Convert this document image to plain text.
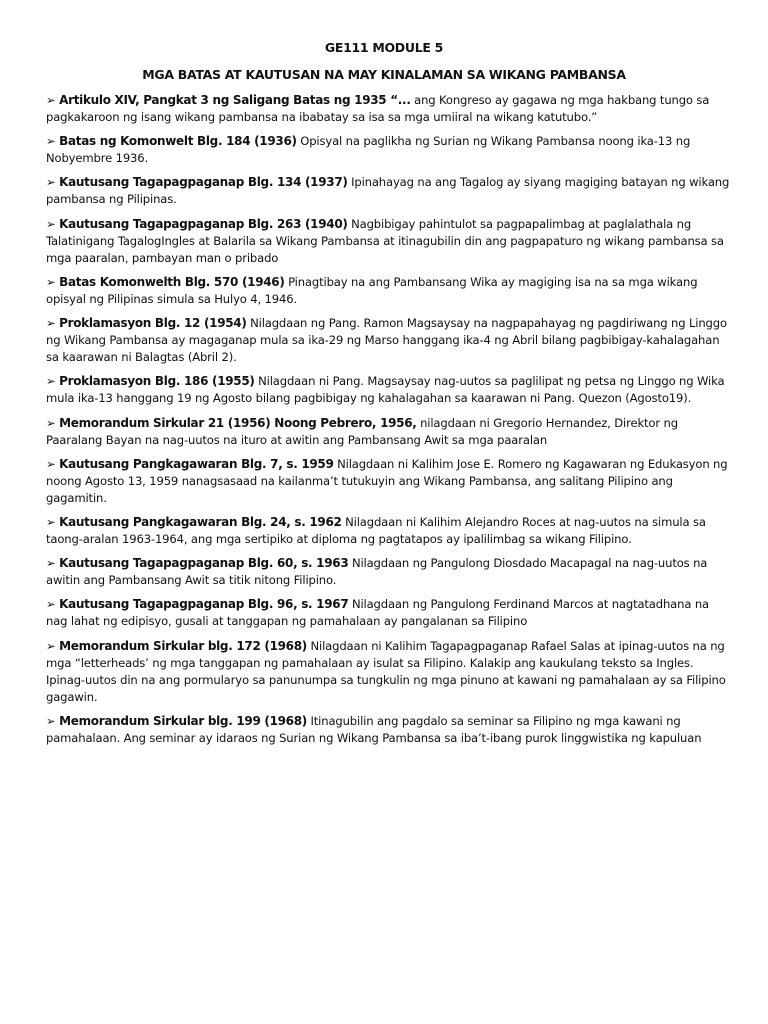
GE111 MODULE 5
MGA BATAS AT KAUTUSAN NA MAY KINALAMAN SA WIKANG PAMBANSA
➢ Artikulo XIV, Pangkat 3 ng Saligang Batas ng 1935 “... ang Kongreso ay gagawa ng mga hakbang tungo sa pagkakaroon ng isang wikang pambansa na ibabatay sa isa sa mga umiiral na wikang katutubo.”
➢ Batas ng Komonwelt Blg. 184 (1936) Opisyal na paglikha ng Surian ng Wikang Pambansa noong ika-13 ng Nobyembre 1936.
➢ Kautusang Tagapagpaganap Blg. 134 (1937) Ipinahayag na ang Tagalog ay siyang magiging batayan ng wikang pambansa ng Pilipinas.
➢ Kautusang Tagapagpaganap Blg. 263 (1940) Nagbibigay pahintulot sa pagpapalimbag at paglalathala ng Talatinigang TagalogIngles at Balarila sa Wikang Pambansa at itinagubilin din ang pagpapaturo ng wikang pambansa sa mga paaralan, pambayan man o pribado
➢ Batas Komonwelth Blg. 570 (1946) Pinagtibay na ang Pambansang Wika ay magiging isa na sa mga wikang opisyal ng Pilipinas simula sa Hulyo 4, 1946.
➢ Proklamasyon Blg. 12 (1954) Nilagdaan ng Pang. Ramon Magsaysay na nagpapahayag ng pagdiriwang ng Linggo ng Wikang Pambansa ay magaganap mula sa ika-29 ng Marso hanggang ika-4 ng Abril bilang pagbibigay-kahalagahan sa kaarawan ni Balagtas (Abril 2).
➢ Proklamasyon Blg. 186 (1955) Nilagdaan ni Pang. Magsaysay nag-uutos sa paglilipat ng petsa ng Linggo ng Wika mula ika-13 hanggang 19 ng Agosto bilang pagbibigay ng kahalagahan sa kaarawan ni Pang. Quezon (Agosto19).
➢ Memorandum Sirkular 21 (1956) Noong Pebrero, 1956, nilagdaan ni Gregorio Hernandez, Direktor ng Paaralang Bayan na nag-uutos na ituro at awitin ang Pambansang Awit sa mga paaralan
➢ Kautusang Pangkagawaran Blg. 7, s. 1959 Nilagdaan ni Kalihim Jose E. Romero ng Kagawaran ng Edukasyon ng noong Agosto 13, 1959 nanagsasaad na kailanma’t tutukuyin ang Wikang Pambansa, ang salitang Pilipino ang gagamitin.
➢ Kautusang Pangkagawaran Blg. 24, s. 1962 Nilagdaan ni Kalihim Alejandro Roces at nag-uutos na simula sa taong-aralan 1963-1964, ang mga sertipiko at diploma ng pagtatapos ay ipalilimbag sa wikang Filipino.
➢ Kautusang Tagapagpaganap Blg. 60, s. 1963 Nilagdaan ng Pangulong Diosdado Macapagal na nag-uutos na awitin ang Pambansang Awit sa titik nitong Filipino.
➢ Kautusang Tagapagpaganap Blg. 96, s. 1967 Nilagdaan ng Pangulong Ferdinand Marcos at nagtatadhana na nag lahat ng edipisyo, gusali at tanggapan ng pamahalaan ay pangalanan sa Filipino
➢ Memorandum Sirkular blg. 172 (1968) Nilagdaan ni Kalihim Tagapagpaganap Rafael Salas at ipinag-uutos na ng mga “letterheads’ ng mga tanggapan ng pamahalaan ay isulat sa Filipino. Kalakip ang kaukulang teksto sa Ingles. Ipinag-uutos din na ang pormularyo sa panunumpa sa tungkulin ng mga pinuno at kawani ng pamahalaan ay sa Filipino gagawin.
➢ Memorandum Sirkular blg. 199 (1968) Itinagubilin ang pagdalo sa seminar sa Filipino ng mga kawani ng pamahalaan. Ang seminar ay idaraos ng Surian ng Wikang Pambansa sa iba’t-ibang purok linggwistika ng kapuluan
